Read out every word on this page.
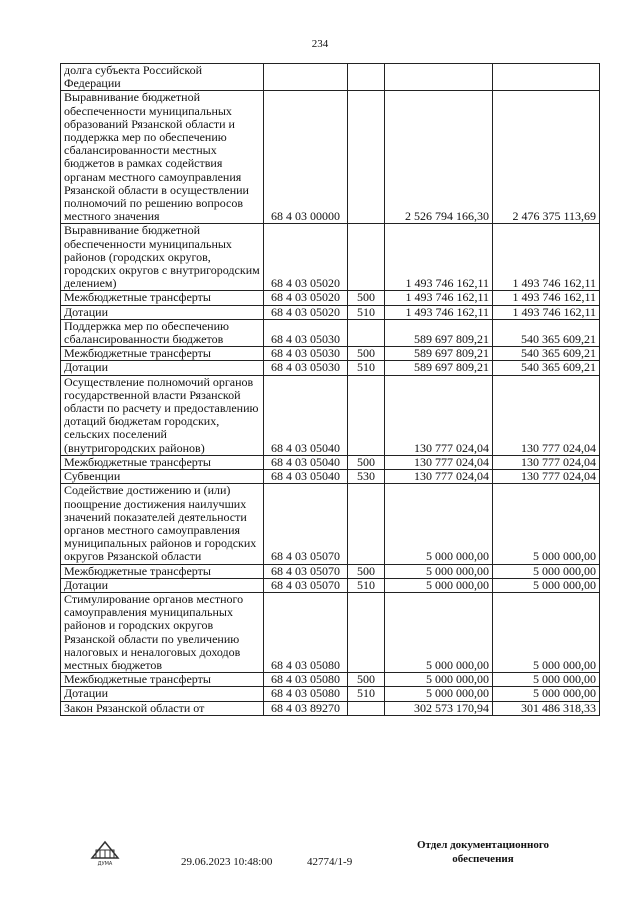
234
долга субъекта Российской Федерации				
Выравнивание бюджетной обеспеченности муниципальных образований Рязанской области и поддержка мер по обеспечению сбалансированности местных бюджетов в рамках содействия органам местного самоуправления Рязанской области в осуществлении полномочий по решению вопросов местного значения	68 4 03 00000		2 526 794 166,30	2 476 375 113,69
Выравнивание бюджетной обеспеченности муниципальных районов (городских округов, городских округов с внутригородским делением)	68 4 03 05020		1 493 746 162,11	1 493 746 162,11
Межбюджетные трансферты	68 4 03 05020	500	1 493 746 162,11	1 493 746 162,11
Дотации	68 4 03 05020	510	1 493 746 162,11	1 493 746 162,11
Поддержка мер по обеспечению сбалансированности бюджетов	68 4 03 05030		589 697 809,21	540 365 609,21
Межбюджетные трансферты	68 4 03 05030	500	589 697 809,21	540 365 609,21
Дотации	68 4 03 05030	510	589 697 809,21	540 365 609,21
Осуществление полномочий органов государственной власти Рязанской области по расчету и предоставлению дотаций бюджетам городских, сельских поселений (внутригородских районов)	68 4 03 05040		130 777 024,04	130 777 024,04
Межбюджетные трансферты	68 4 03 05040	500	130 777 024,04	130 777 024,04
Субвенции	68 4 03 05040	530	130 777 024,04	130 777 024,04
Содействие достижению и (или) поощрение достижения наилучших значений показателей деятельности органов местного самоуправления муниципальных районов и городских округов Рязанской области	68 4 03 05070		5 000 000,00	5 000 000,00
Межбюджетные трансферты	68 4 03 05070	500	5 000 000,00	5 000 000,00
Дотации	68 4 03 05070	510	5 000 000,00	5 000 000,00
Стимулирование органов местного самоуправления муниципальных районов и городских округов Рязанской области по увеличению налоговых и неналоговых доходов местных бюджетов	68 4 03 05080		5 000 000,00	5 000 000,00
Межбюджетные трансферты	68 4 03 05080	500	5 000 000,00	5 000 000,00
Дотации	68 4 03 05080	510	5 000 000,00	5 000 000,00
Закон Рязанской области от	68 4 03 89270		302 573 170,94	301 486 318,33
ДУМА	29.06.2023 10:48:00	42774/1-9
Отдел документационного обеспечения
